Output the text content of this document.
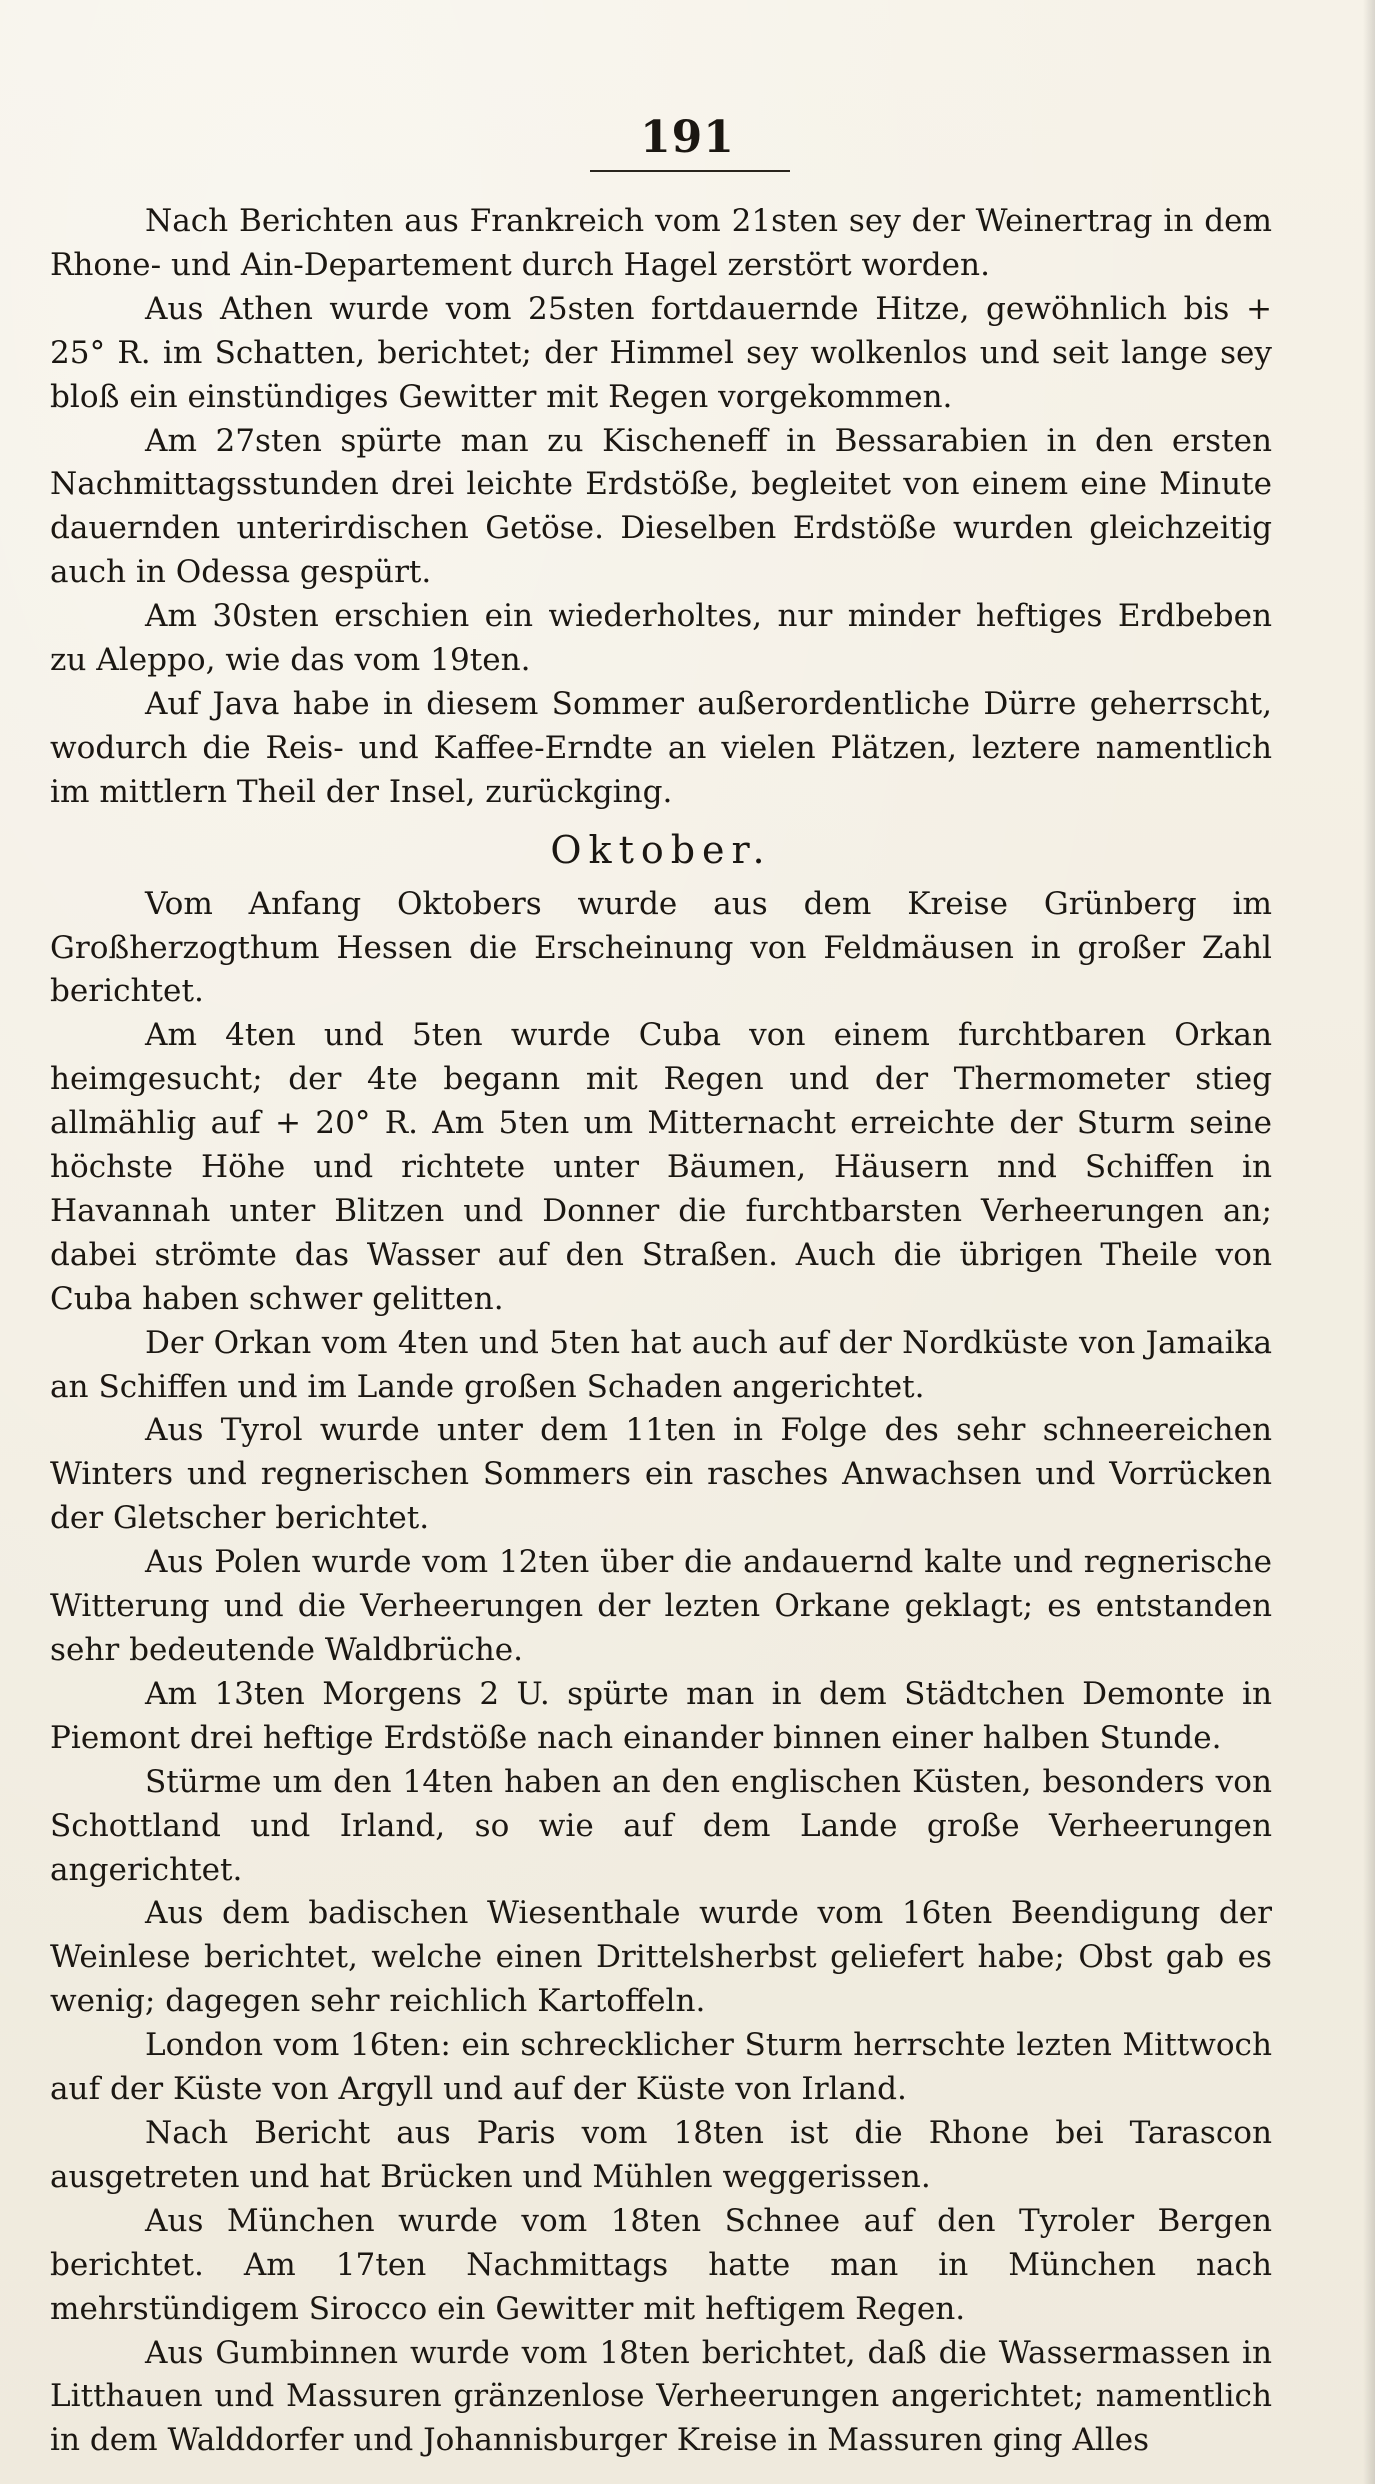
191

Nach Berichten aus Frankreich vom 21sten sey der Weinertrag in dem Rhone- und Ain-Departement durch Hagel zerstört worden.

Aus Athen wurde vom 25sten fortdauernde Hitze, gewöhnlich bis + 25° R. im Schatten, berichtet; der Himmel sey wolkenlos und seit lange sey bloß ein einstündiges Gewitter mit Regen vorgekommen.

Am 27sten spürte man zu Kischeneff in Bessarabien in den ersten Nachmittagsstunden drei leichte Erdstöße, begleitet von einem eine Minute dauernden unterirdischen Getöse. Dieselben Erdstöße wurden gleichzeitig auch in Odessa gespürt.

Am 30sten erschien ein wiederholtes, nur minder heftiges Erdbeben zu Aleppo, wie das vom 19ten.

Auf Java habe in diesem Sommer außerordentliche Dürre geherrscht, wodurch die Reis- und Kaffee-Erndte an vielen Plätzen, leztere namentlich im mittlern Theil der Insel, zurückging.

Oktober.

Vom Anfang Oktobers wurde aus dem Kreise Grünberg im Großherzogthum Hessen die Erscheinung von Feldmäusen in großer Zahl berichtet.

Am 4ten und 5ten wurde Cuba von einem furchtbaren Orkan heimgesucht; der 4te begann mit Regen und der Thermometer stieg allmählig auf + 20° R. Am 5ten um Mitternacht erreichte der Sturm seine höchste Höhe und richtete unter Bäumen, Häusern nnd Schiffen in Havannah unter Blitzen und Donner die furchtbarsten Verheerungen an; dabei strömte das Wasser auf den Straßen. Auch die übrigen Theile von Cuba haben schwer gelitten.

Der Orkan vom 4ten und 5ten hat auch auf der Nordküste von Jamaika an Schiffen und im Lande großen Schaden angerichtet.

Aus Tyrol wurde unter dem 11ten in Folge des sehr schneereichen Winters und regnerischen Sommers ein rasches Anwachsen und Vorrücken der Gletscher berichtet.

Aus Polen wurde vom 12ten über die andauernd kalte und regnerische Witterung und die Verheerungen der lezten Orkane geklagt; es entstanden sehr bedeutende Waldbrüche.

Am 13ten Morgens 2 U. spürte man in dem Städtchen Demonte in Piemont drei heftige Erdstöße nach einander binnen einer halben Stunde.

Stürme um den 14ten haben an den englischen Küsten, besonders von Schottland und Irland, so wie auf dem Lande große Verheerungen angerichtet.

Aus dem badischen Wiesenthale wurde vom 16ten Beendigung der Weinlese berichtet, welche einen Drittelsherbst geliefert habe; Obst gab es wenig; dagegen sehr reichlich Kartoffeln.

London vom 16ten: ein schrecklicher Sturm herrschte lezten Mittwoch auf der Küste von Argyll und auf der Küste von Irland.

Nach Bericht aus Paris vom 18ten ist die Rhone bei Tarascon ausgetreten und hat Brücken und Mühlen weggerissen.

Aus München wurde vom 18ten Schnee auf den Tyroler Bergen berichtet. Am 17ten Nachmittags hatte man in München nach mehrstündigem Sirocco ein Gewitter mit heftigem Regen.

Aus Gumbinnen wurde vom 18ten berichtet, daß die Wassermassen in Litthauen und Massuren gränzenlose Verheerungen angerichtet; namentlich in dem Walddorfer und Johannisburger Kreise in Massuren ging Alles
